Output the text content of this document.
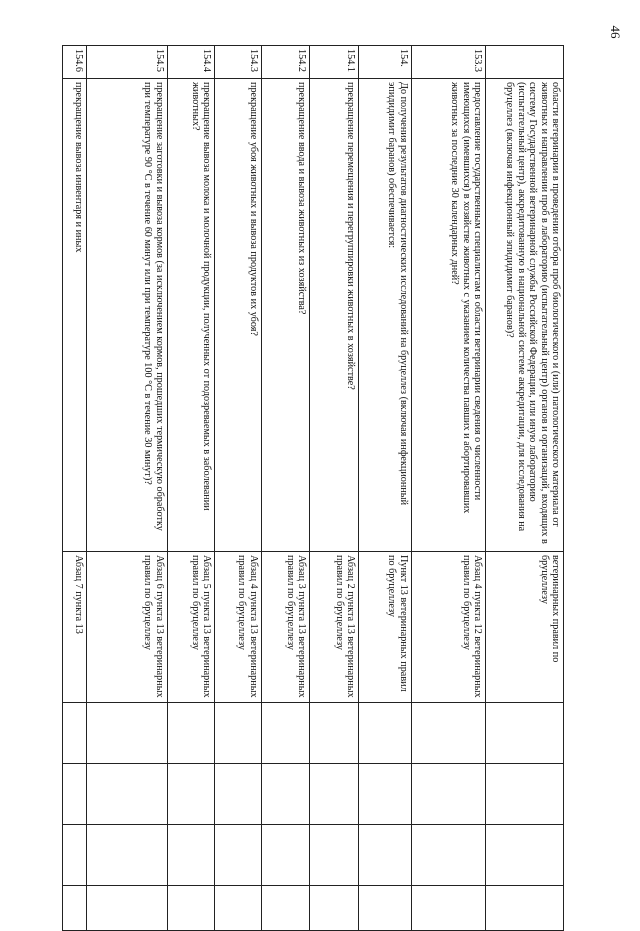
46
	области ветеринарии в проведении отбора проб биологического и (или) патологического материала от животных и направлении проб в лабораторию (испытательный центр) органов и организаций, входящих в систему Государственной ветеринарной службы Российской Федерации, или иную лабораторию (испытательный центр), аккредитованную в национальной системе аккредитации, для исследования на бруцеллез (включая инфекционный эпидидимит баранов)?	ветеринарных правил по бруцеллезу				
153.3	предоставление государственным специалистам в области ветеринарии сведения о численности имеющихся (имевшихся) в хозяйстве животных с указанием количества павших и абортировавших животных за последние 30 календарных дней?	Абзац 4 пункта 12 ветеринарных правил по бруцеллезу				
154.	До получения результатов диагностических исследований на бруцеллез (включая инфекционный эпидидимит баранов) обеспечивается:	Пункт 13 ветеринарных правил по бруцеллезу				
154.1	прекращение перемещения и перегруппировки животных в хозяйстве?	Абзац 2 пункта 13 ветеринарных правил по бруцеллезу				
154.2	прекращение ввода и вывоза животных из хозяйства?	Абзац 3 пункта 13 ветеринарных правил по бруцеллезу				
154.3	прекращение убоя животных и вывоза продуктов их убоя?	Абзац 4 пункта 13 ветеринарных правил по бруцеллезу				
154.4	прекращение вывоза молока и молочной продукции, полученных от подозреваемых в заболевании животных?	Абзац 5 пункта 13 ветеринарных правил по бруцеллезу				
154.5	прекращение заготовки и вывоза кормов (за исключением кормов, прошедших термическую обработку при температуре 90 °С в течение 60 минут или при температуре 100 °С в течение 30 минут)?	Абзац 6 пункта 13 ветеринарных правил по бруцеллезу				
154.6	прекращение вывоза инвентаря и иных	Абзац 7 пункта 13				
